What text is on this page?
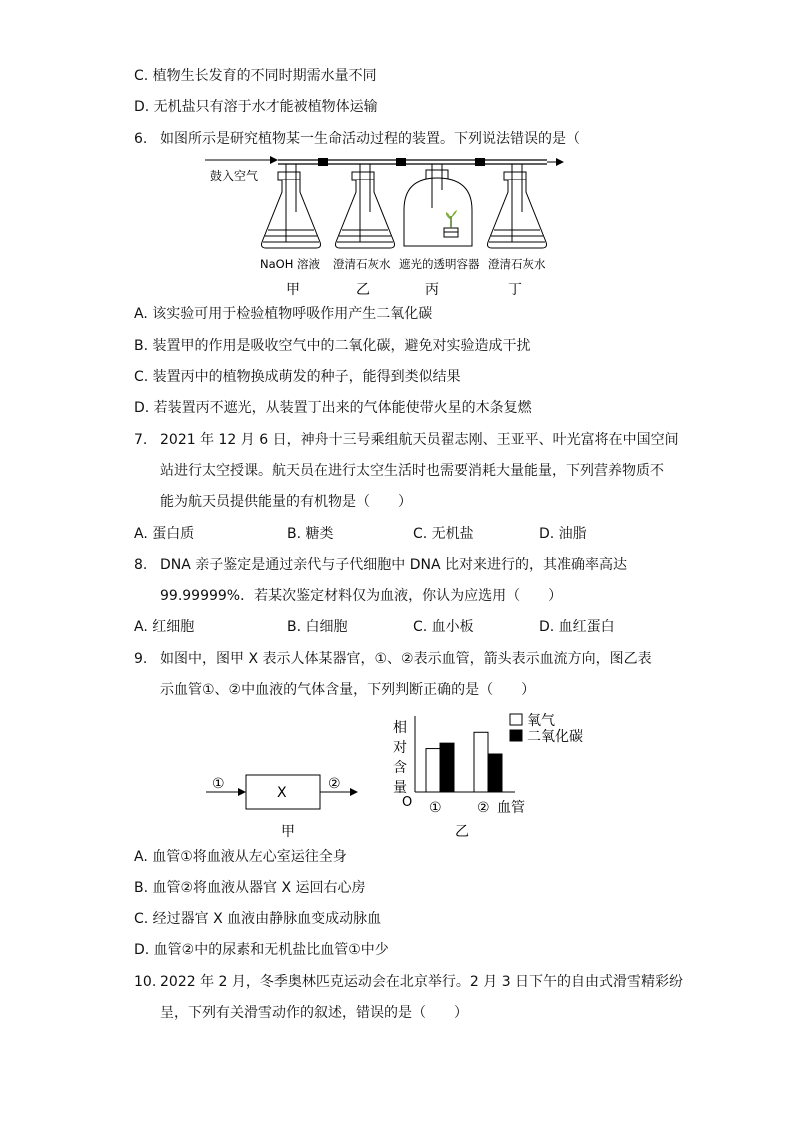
C. 植物生长发育的不同时期需水量不同
D. 无机盐只有溶于水才能被植物体运输
6. 如图所示是研究植物某一生命活动过程的装置。下列说法错误的是（
鼓入空气
NaOH 溶液 澄清石灰水 遮光的透明容器 澄清石灰水
甲	乙	丙	丁
A. 该实验可用于检验植物呼吸作用产生二氧化碳
B. 装置甲的作用是吸收空气中的二氧化碳，避免对实验造成干扰
C. 装置丙中的植物换成萌发的种子，能得到类似结果
D. 若装置丙不遮光，从装置丁出来的气体能使带火星的木条复燃
7. 2021 年 12 月 6 日，神舟十三号乘组航天员翟志刚、王亚平、叶光富将在中国空间
站进行太空授课。航天员在进行太空生活时也需要消耗大量能量，下列营养物质不
能为航天员提供能量的有机物是（　　）
A. 蛋白质	B. 糖类	C. 无机盐	D. 油脂
8. DNA 亲子鉴定是通过亲代与子代细胞中 DNA 比对来进行的，其准确率高达
99.99999%．若某次鉴定材料仅为血液，你认为应选用（　　）
A. 红细胞	B. 白细胞	C. 血小板	D. 血红蛋白
9. 如图中，图甲 X 表示人体某器官，①、②表示血管，箭头表示血流方向，图乙表
示血管①、②中血液的气体含量，下列判断正确的是（　　）
①
X
②
甲
相
对
含
量
O ①	② 血管
氧气
二氧化碳
乙
A. 血管①将血液从左心室运往全身
B. 血管②将血液从器官 X 运回右心房
C. 经过器官 X 血液由静脉血变成动脉血
D. 血管②中的尿素和无机盐比血管①中少
10. 2022 年 2 月，冬季奥林匹克运动会在北京举行。2 月 3 日下午的自由式滑雪精彩纷
呈，下列有关滑雪动作的叙述，错误的是（　　）
